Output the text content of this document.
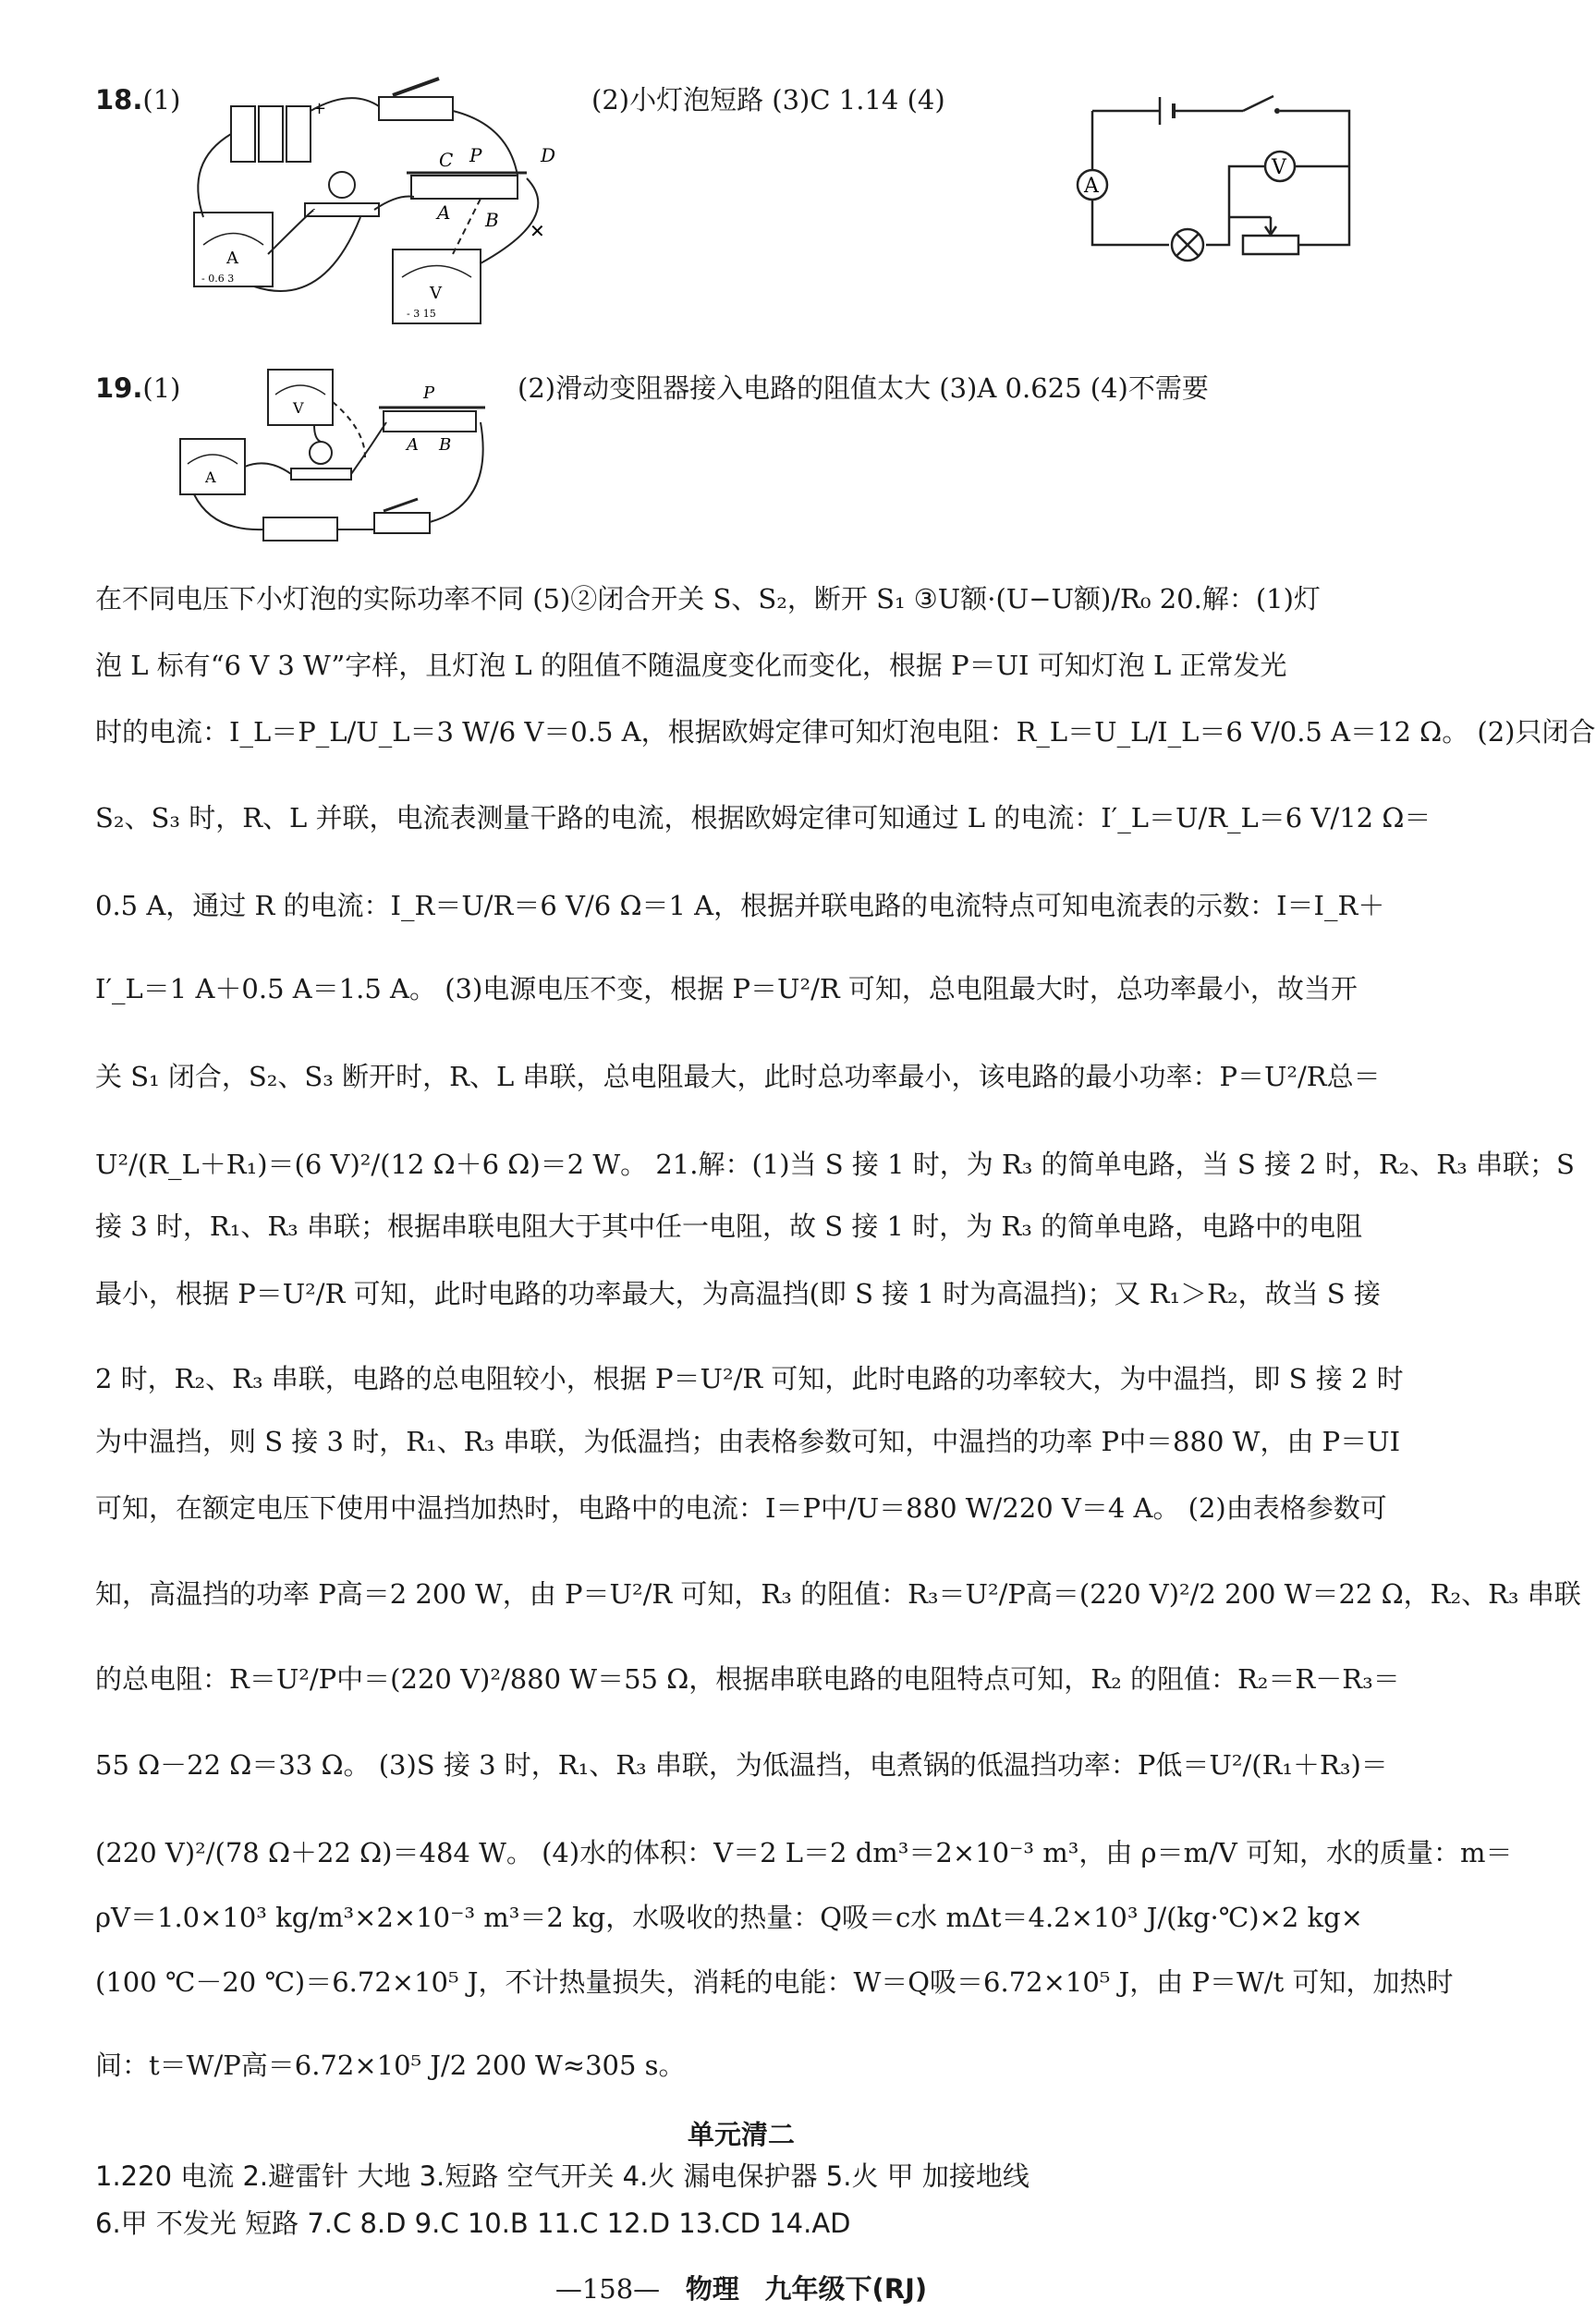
18.(1)	+
C P	D
A B
A
- 0.6 3
V
- 3 15
✕
(2)小灯泡短路 (3)C 1.14 (4)
A
V
19.(1)
V
A
P
A B
(2)滑动变阻器接入电路的阻值太大 (3)A 0.625 (4)不需要
在不同电压下小灯泡的实际功率不同 (5)②闭合开关 S、S₂，断开 S₁ ③U额·(U−U额)/R₀ 20.解：(1)灯
泡 L 标有“6 V 3 W”字样，且灯泡 L 的阻值不随温度变化而变化，根据 P＝UI 可知灯泡 L 正常发光
时的电流：I_L＝P_L/U_L＝3 W/6 V＝0.5 A，根据欧姆定律可知灯泡电阻：R_L＝U_L/I_L＝6 V/0.5 A＝12 Ω。 (2)只闭合
S₂、S₃ 时，R、L 并联，电流表测量干路的电流，根据欧姆定律可知通过 L 的电流：I′_L＝U/R_L＝6 V/12 Ω＝
0.5 A，通过 R 的电流：I_R＝U/R＝6 V/6 Ω＝1 A，根据并联电路的电流特点可知电流表的示数：I＝I_R＋
I′_L＝1 A＋0.5 A＝1.5 A。 (3)电源电压不变，根据 P＝U²/R 可知，总电阻最大时，总功率最小，故当开
关 S₁ 闭合，S₂、S₃ 断开时，R、L 串联，总电阻最大，此时总功率最小，该电路的最小功率：P＝U²/R总＝
U²/(R_L＋R₁)＝(6 V)²/(12 Ω＋6 Ω)＝2 W。 21.解：(1)当 S 接 1 时，为 R₃ 的简单电路，当 S 接 2 时，R₂、R₃ 串联；S
接 3 时，R₁、R₃ 串联；根据串联电阻大于其中任一电阻，故 S 接 1 时，为 R₃ 的简单电路，电路中的电阻
最小，根据 P＝U²/R 可知，此时电路的功率最大，为高温挡(即 S 接 1 时为高温挡)；又 R₁＞R₂，故当 S 接
2 时，R₂、R₃ 串联，电路的总电阻较小，根据 P＝U²/R 可知，此时电路的功率较大，为中温挡，即 S 接 2 时
为中温挡，则 S 接 3 时，R₁、R₃ 串联，为低温挡；由表格参数可知，中温挡的功率 P中＝880 W，由 P＝UI
可知，在额定电压下使用中温挡加热时，电路中的电流：I＝P中/U＝880 W/220 V＝4 A。 (2)由表格参数可
知，高温挡的功率 P高＝2 200 W，由 P＝U²/R 可知，R₃ 的阻值：R₃＝U²/P高＝(220 V)²/2 200 W＝22 Ω，R₂、R₃ 串联
的总电阻：R＝U²/P中＝(220 V)²/880 W＝55 Ω，根据串联电路的电阻特点可知，R₂ 的阻值：R₂＝R－R₃＝
55 Ω－22 Ω＝33 Ω。 (3)S 接 3 时，R₁、R₃ 串联，为低温挡，电煮锅的低温挡功率：P低＝U²/(R₁＋R₃)＝
(220 V)²/(78 Ω＋22 Ω)＝484 W。 (4)水的体积：V＝2 L＝2 dm³＝2×10⁻³ m³，由 ρ＝m/V 可知，水的质量：m＝
ρV＝1.0×10³ kg/m³×2×10⁻³ m³＝2 kg，水吸收的热量：Q吸＝c水 mΔt＝4.2×10³ J/(kg·℃)×2 kg×
(100 ℃－20 ℃)＝6.72×10⁵ J，不计热量损失，消耗的电能：W＝Q吸＝6.72×10⁵ J，由 P＝W/t 可知，加热时
间：t＝W/P高＝6.72×10⁵ J/2 200 W≈305 s。
单元清二
1.220 电流 2.避雷针 大地 3.短路 空气开关 4.火 漏电保护器 5.火 甲 加接地线
6.甲 不发光 短路 7.C 8.D 9.C 10.B 11.C 12.D 13.CD 14.AD
—158— 物理 九年级下(RJ)
